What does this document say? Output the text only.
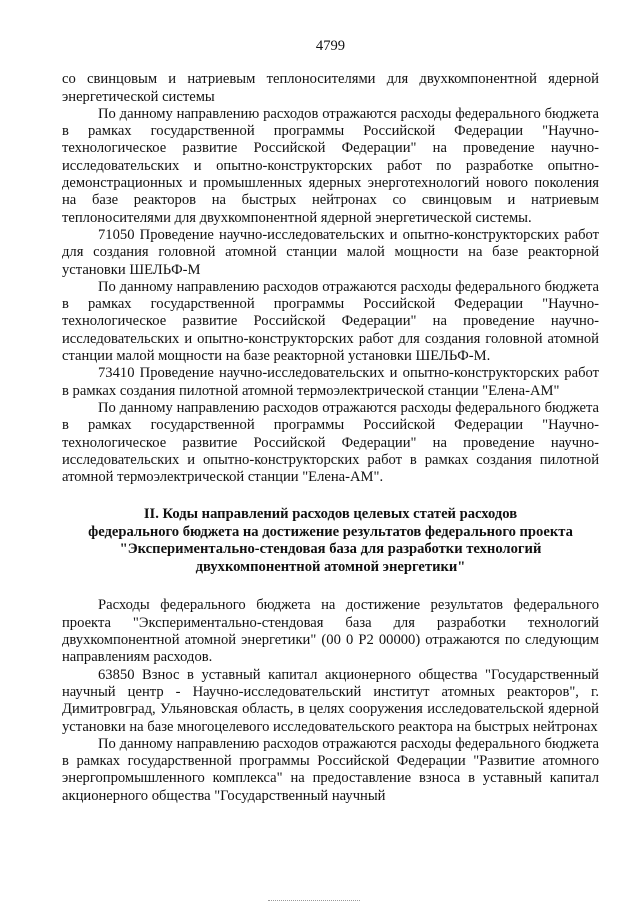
4799

со свинцовым и натриевым теплоносителями для двухкомпонентной ядерной энергетической системы

По данному направлению расходов отражаются расходы федерального бюджета в рамках государственной программы Российской Федерации "Научно-технологическое развитие Российской Федерации" на проведение научно-исследовательских и опытно-конструкторских работ по разработке опытно-демонстрационных и промышленных ядерных энерготехнологий нового поколения на базе реакторов на быстрых нейтронах со свинцовым и натриевым теплоносителями для двухкомпонентной ядерной энергетической системы.

71050 Проведение научно-исследовательских и опытно-конструкторских работ для создания головной атомной станции малой мощности на базе реакторной установки ШЕЛЬФ-М

По данному направлению расходов отражаются расходы федерального бюджета в рамках государственной программы Российской Федерации "Научно-технологическое развитие Российской Федерации" на проведение научно-исследовательских и опытно-конструкторских работ для создания головной атомной станции малой мощности на базе реакторной установки ШЕЛЬФ-М.

73410 Проведение научно-исследовательских и опытно-конструкторских работ в рамках создания пилотной атомной термоэлектрической станции "Елена-АМ"

По данному направлению расходов отражаются расходы федерального бюджета в рамках государственной программы Российской Федерации "Научно-технологическое развитие Российской Федерации" на проведение научно-исследовательских и опытно-конструкторских работ в рамках создания пилотной атомной термоэлектрической станции "Елена-АМ".

II. Коды направлений расходов целевых статей расходов
федерального бюджета на достижение результатов федерального проекта
"Экспериментально-стендовая база для разработки технологий
двухкомпонентной атомной энергетики"

Расходы федерального бюджета на достижение результатов федерального проекта "Экспериментально-стендовая база для разработки технологий двухкомпонентной атомной энергетики" (00 0 Р2 00000) отражаются по следующим направлениям расходов.

63850 Взнос в уставный капитал акционерного общества "Государственный научный центр - Научно-исследовательский институт атомных реакторов", г. Димитровград, Ульяновская область, в целях сооружения исследовательской ядерной установки на базе многоцелевого исследовательского реактора на быстрых нейтронах

По данному направлению расходов отражаются расходы федерального бюджета в рамках государственной программы Российской Федерации "Развитие атомного энергопромышленного комплекса" на предоставление взноса в уставный капитал акционерного общества "Государственный научный
